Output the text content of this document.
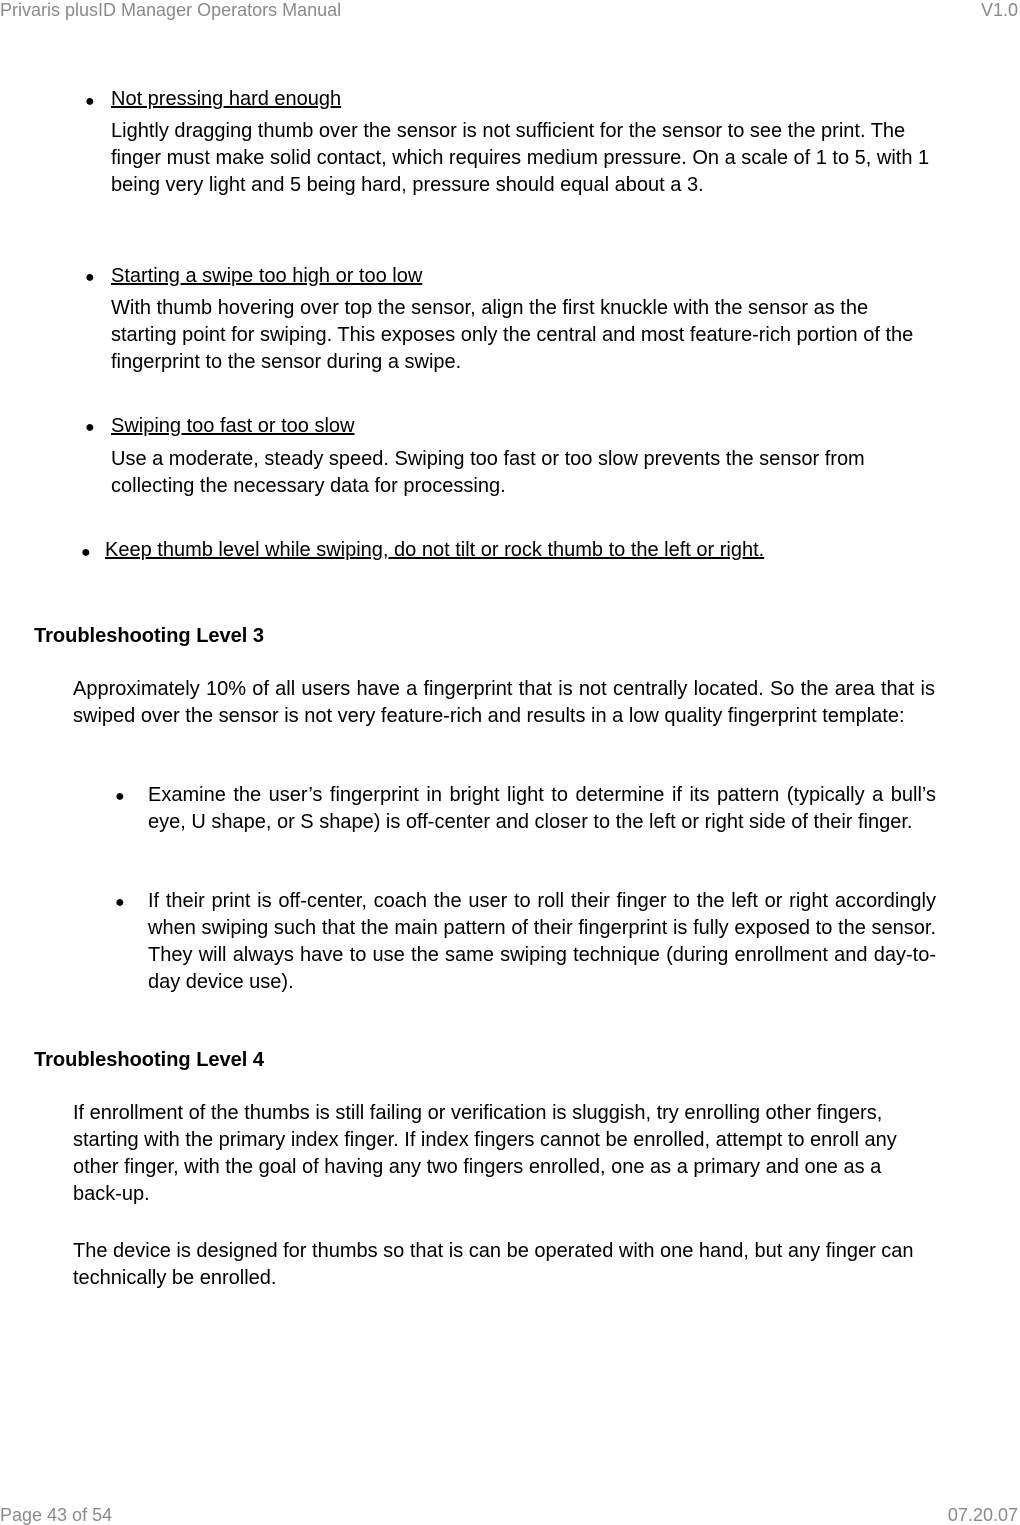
Privaris plusID Manager Operators Manual	V1.0
● Not pressing hard enough
Lightly dragging thumb over the sensor is not sufficient for the sensor to see the print. The finger must make solid contact, which requires medium pressure. On a scale of 1 to 5, with 1 being very light and 5 being hard, pressure should equal about a 3.
● Starting a swipe too high or too low
With thumb hovering over top the sensor, align the first knuckle with the sensor as the starting point for swiping. This exposes only the central and most feature-rich portion of the fingerprint to the sensor during a swipe.
● Swiping too fast or too slow
Use a moderate, steady speed. Swiping too fast or too slow prevents the sensor from collecting the necessary data for processing.
● Keep thumb level while swiping, do not tilt or rock thumb to the left or right.
Troubleshooting Level 3
Approximately 10% of all users have a fingerprint that is not centrally located. So the area that is swiped over the sensor is not very feature-rich and results in a low quality fingerprint template:
● Examine the user’s fingerprint in bright light to determine if its pattern (typically a bull’s eye, U shape, or S shape) is off-center and closer to the left or right side of their finger.
● If their print is off-center, coach the user to roll their finger to the left or right accordingly when swiping such that the main pattern of their fingerprint is fully exposed to the sensor. They will always have to use the same swiping technique (during enrollment and day-to-day device use).
Troubleshooting Level 4
If enrollment of the thumbs is still failing or verification is sluggish, try enrolling other fingers, starting with the primary index finger. If index fingers cannot be enrolled, attempt to enroll any other finger, with the goal of having any two fingers enrolled, one as a primary and one as a back-up.
The device is designed for thumbs so that is can be operated with one hand, but any finger can technically be enrolled.
Page 43 of 54	07.20.07
